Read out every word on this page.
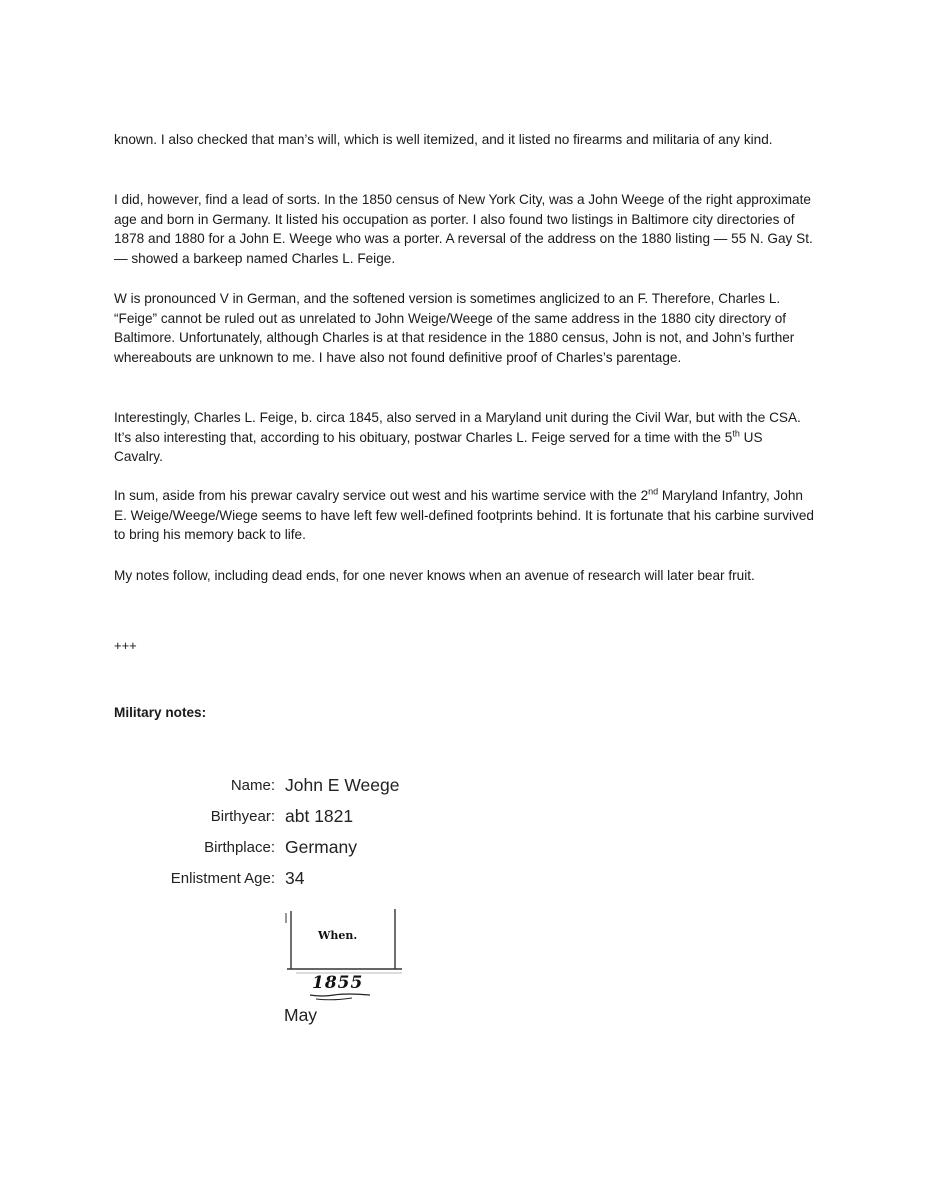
known. I also checked that man’s will, which is well itemized, and it listed no firearms and militaria of any kind.

I did, however, find a lead of sorts. In the 1850 census of New York City, was a John Weege of the right approximate age and born in Germany. It listed his occupation as porter. I also found two listings in Baltimore city directories of 1878 and 1880 for a John E. Weege who was a porter. A reversal of the address on the 1880 listing — 55 N. Gay St. — showed a barkeep named Charles L. Feige.

W is pronounced V in German, and the softened version is sometimes anglicized to an F. Therefore, Charles L. “Feige” cannot be ruled out as unrelated to John Weige/Weege of the same address in the 1880 city directory of Baltimore. Unfortunately, although Charles is at that residence in the 1880 census, John is not, and John’s further whereabouts are unknown to me. I have also not found definitive proof of Charles’s parentage.

Interestingly, Charles L. Feige, b. circa 1845, also served in a Maryland unit during the Civil War, but with the CSA. It’s also interesting that, according to his obituary, postwar Charles L. Feige served for a time with the 5th US Cavalry.

In sum, aside from his prewar cavalry service out west and his wartime service with the 2nd Maryland Infantry, John E. Weige/Weege/Wiege seems to have left few well-defined footprints behind. It is fortunate that his carbine survived to bring his memory back to life.

My notes follow, including dead ends, for one never knows when an avenue of research will later bear fruit.

+++

Military notes:

Name: John E Weege
Birthyear: abt 1821
Birthplace: Germany
Enlistment Age: 34
When.
1855
May
